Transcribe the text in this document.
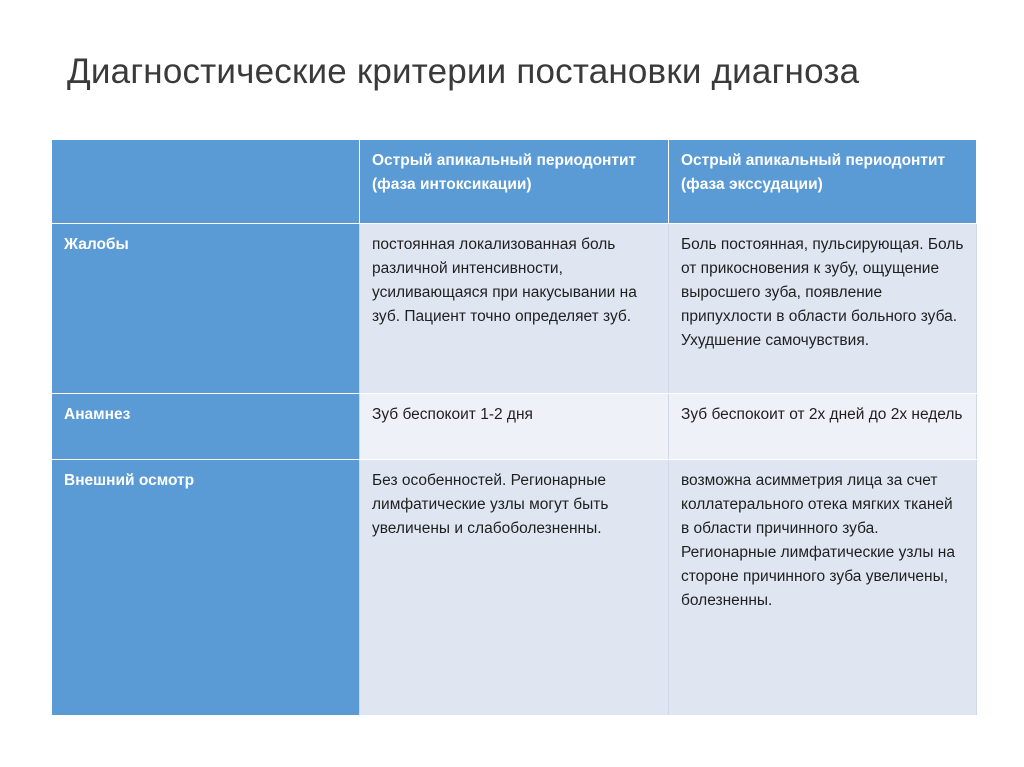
Диагностические критерии постановки диагноза

	Острый апикальный периодонтит (фаза интоксикации)	Острый апикальный периодонтит (фаза экссудации)

Жалобы	постоянная локализованная боль различной интенсивности, усиливающаяся при накусывании на зуб. Пациент точно определяет зуб.	Боль постоянная, пульсирующая. Боль от прикосновения к зубу, ощущение выросшего зуба, появление припухлости в области больного зуба. Ухудшение самочувствия.

Анамнез	Зуб беспокоит 1-2 дня	Зуб беспокоит от 2х дней до 2х недель

Внешний осмотр	Без особенностей. Регионарные лимфатические узлы могут быть увеличены и слабоболезненны.	возможна асимметрия лица за счет коллатерального отека мягких тканей в области причинного зуба. Регионарные лимфатические узлы на стороне причинного зуба увеличены, болезненны.
